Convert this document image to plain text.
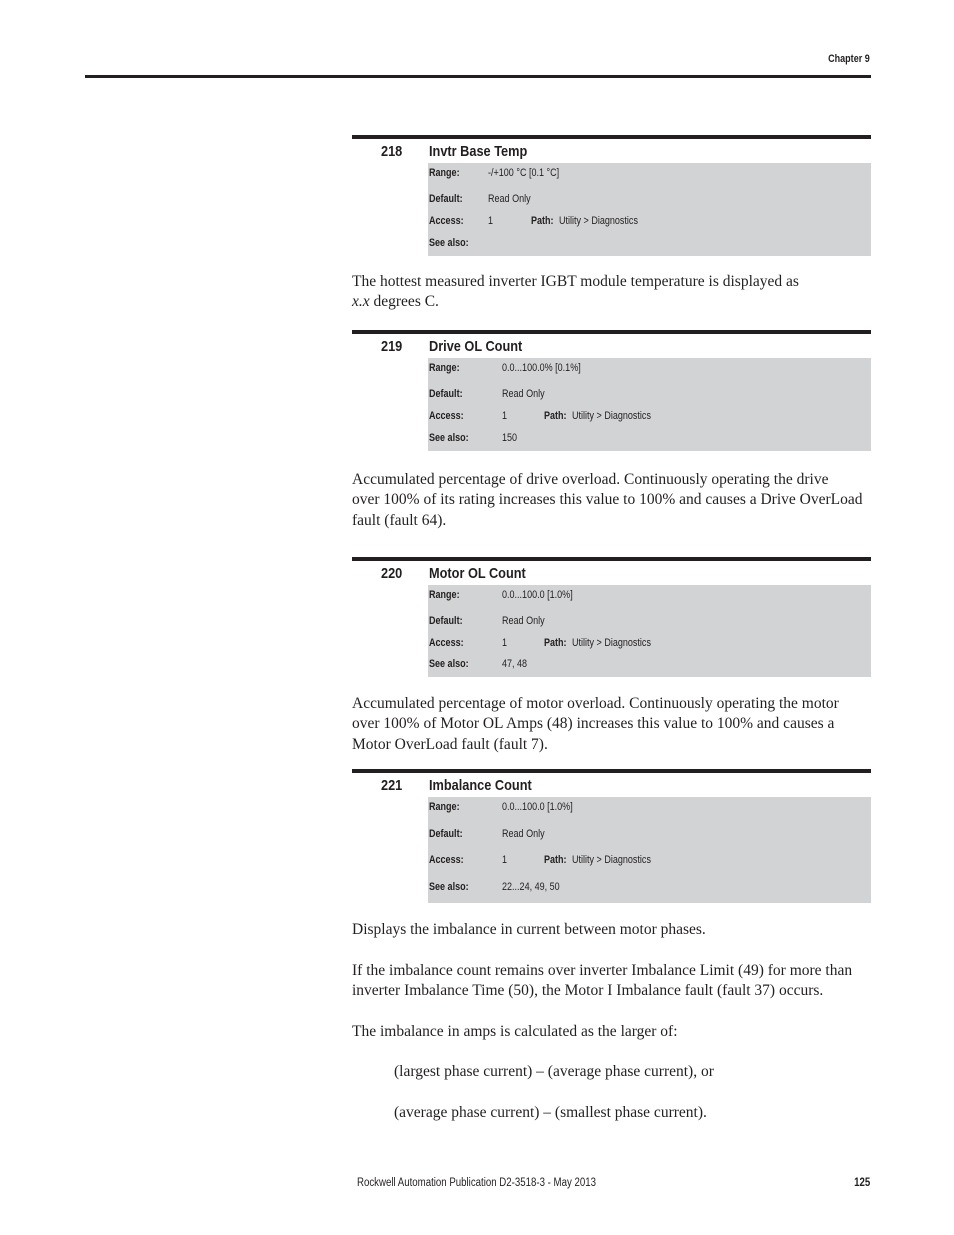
Chapter 9
218 Invtr Base Temp
Range:	-/+100 °C [0.1 °C]
Default: Read Only
Access: 1	Path: Utility > Diagnostics
See also:
The hottest measured inverter IGBT module temperature is displayed as
x.x degrees C.
219 Drive OL Count
Range:	0.0...100.0% [0.1%]
Default:	Read Only
Access:	1	Path: Utility > Diagnostics
See also:	150
Accumulated percentage of drive overload. Continuously operating the drive
over 100% of its rating increases this value to 100% and causes a Drive OverLoad
fault (fault 64).
220 Motor OL Count
Range:	0.0...100.0 [1.0%]
Default:	Read Only
Access:	1	Path: Utility > Diagnostics
See also:	47, 48
Accumulated percentage of motor overload. Continuously operating the motor
over 100% of Motor OL Amps (48) increases this value to 100% and causes a
Motor OverLoad fault (fault 7).
221 Imbalance Count
Range:	0.0...100.0 [1.0%]
Default:	Read Only
Access:	1	Path: Utility > Diagnostics
See also:	22...24, 49, 50
Displays the imbalance in current between motor phases.
If the imbalance count remains over inverter Imbalance Limit (49) for more than
inverter Imbalance Time (50), the Motor I Imbalance fault (fault 37) occurs.
The imbalance in amps is calculated as the larger of:
(largest phase current) – (average phase current), or
(average phase current) – (smallest phase current).
Rockwell Automation Publication D2-3518-3 - May 2013	125
